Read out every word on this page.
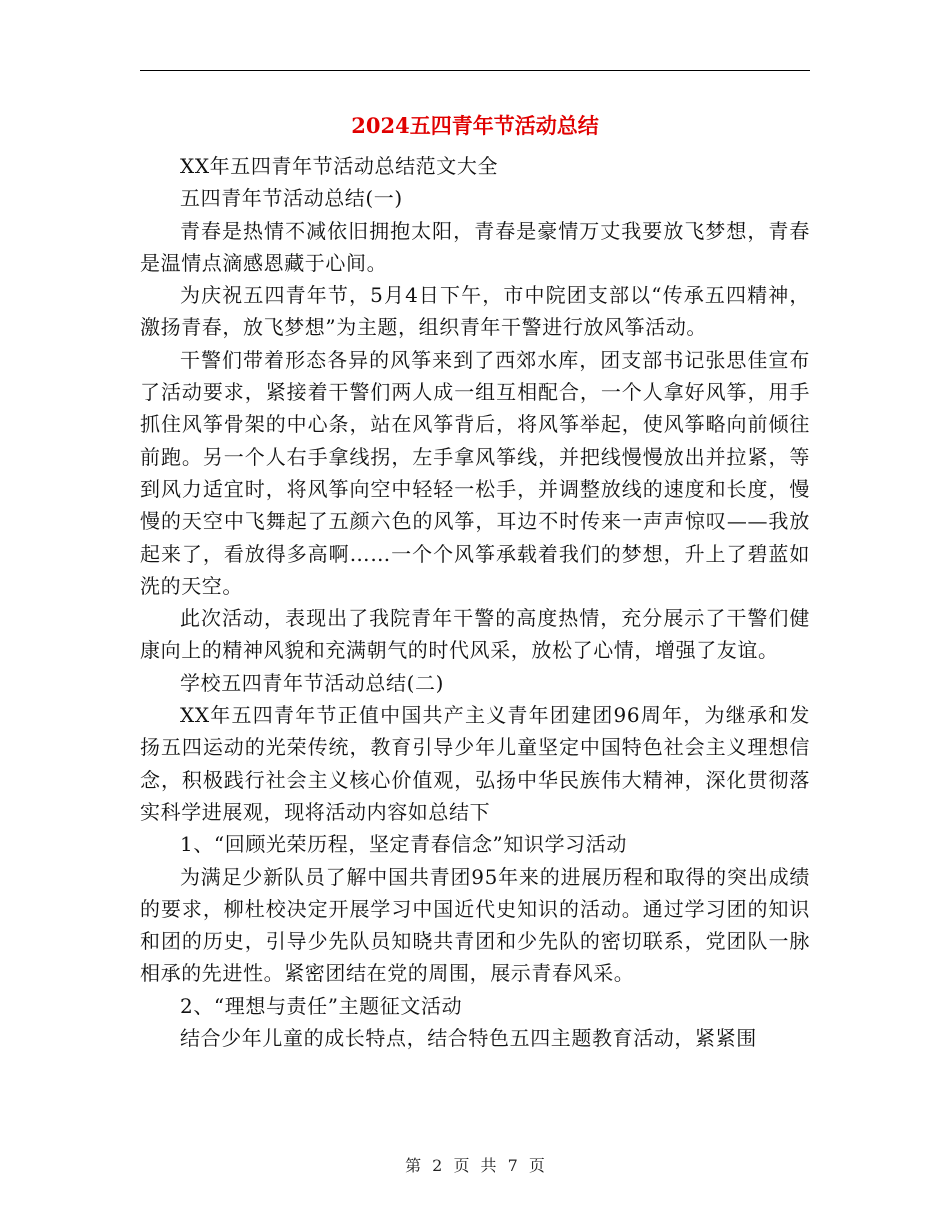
2024五四青年节活动总结

XX年五四青年节活动总结范文大全

五四青年节活动总结(一)

青春是热情不减依旧拥抱太阳，青春是豪情万丈我要放飞梦想，青春是温情点滴感恩藏于心间。

为庆祝五四青年节，5月4日下午，市中院团支部以“传承五四精神，激扬青春，放飞梦想”为主题，组织青年干警进行放风筝活动。

干警们带着形态各异的风筝来到了西郊水库，团支部书记张思佳宣布了活动要求，紧接着干警们两人成一组互相配合，一个人拿好风筝，用手抓住风筝骨架的中心条，站在风筝背后，将风筝举起，使风筝略向前倾往前跑。另一个人右手拿线拐，左手拿风筝线，并把线慢慢放出并拉紧，等到风力适宜时，将风筝向空中轻轻一松手，并调整放线的速度和长度，慢慢的天空中飞舞起了五颜六色的风筝，耳边不时传来一声声惊叹——我放起来了，看放得多高啊……一个个风筝承载着我们的梦想，升上了碧蓝如洗的天空。

此次活动，表现出了我院青年干警的高度热情，充分展示了干警们健康向上的精神风貌和充满朝气的时代风采，放松了心情，增强了友谊。

学校五四青年节活动总结(二)

XX年五四青年节正值中国共产主义青年团建团96周年，为继承和发扬五四运动的光荣传统，教育引导少年儿童坚定中国特色社会主义理想信念，积极践行社会主义核心价值观，弘扬中华民族伟大精神，深化贯彻落实科学进展观，现将活动内容如总结下

1、“回顾光荣历程，坚定青春信念”知识学习活动

为满足少新队员了解中国共青团95年来的进展历程和取得的突出成绩的要求，柳杜校决定开展学习中国近代史知识的活动。通过学习团的知识和团的历史，引导少先队员知晓共青团和少先队的密切联系，党团队一脉相承的先进性。紧密团结在党的周围，展示青春风采。

2、“理想与责任”主题征文活动

结合少年儿童的成长特点，结合特色五四主题教育活动，紧紧围

第 2 页 共 7 页
